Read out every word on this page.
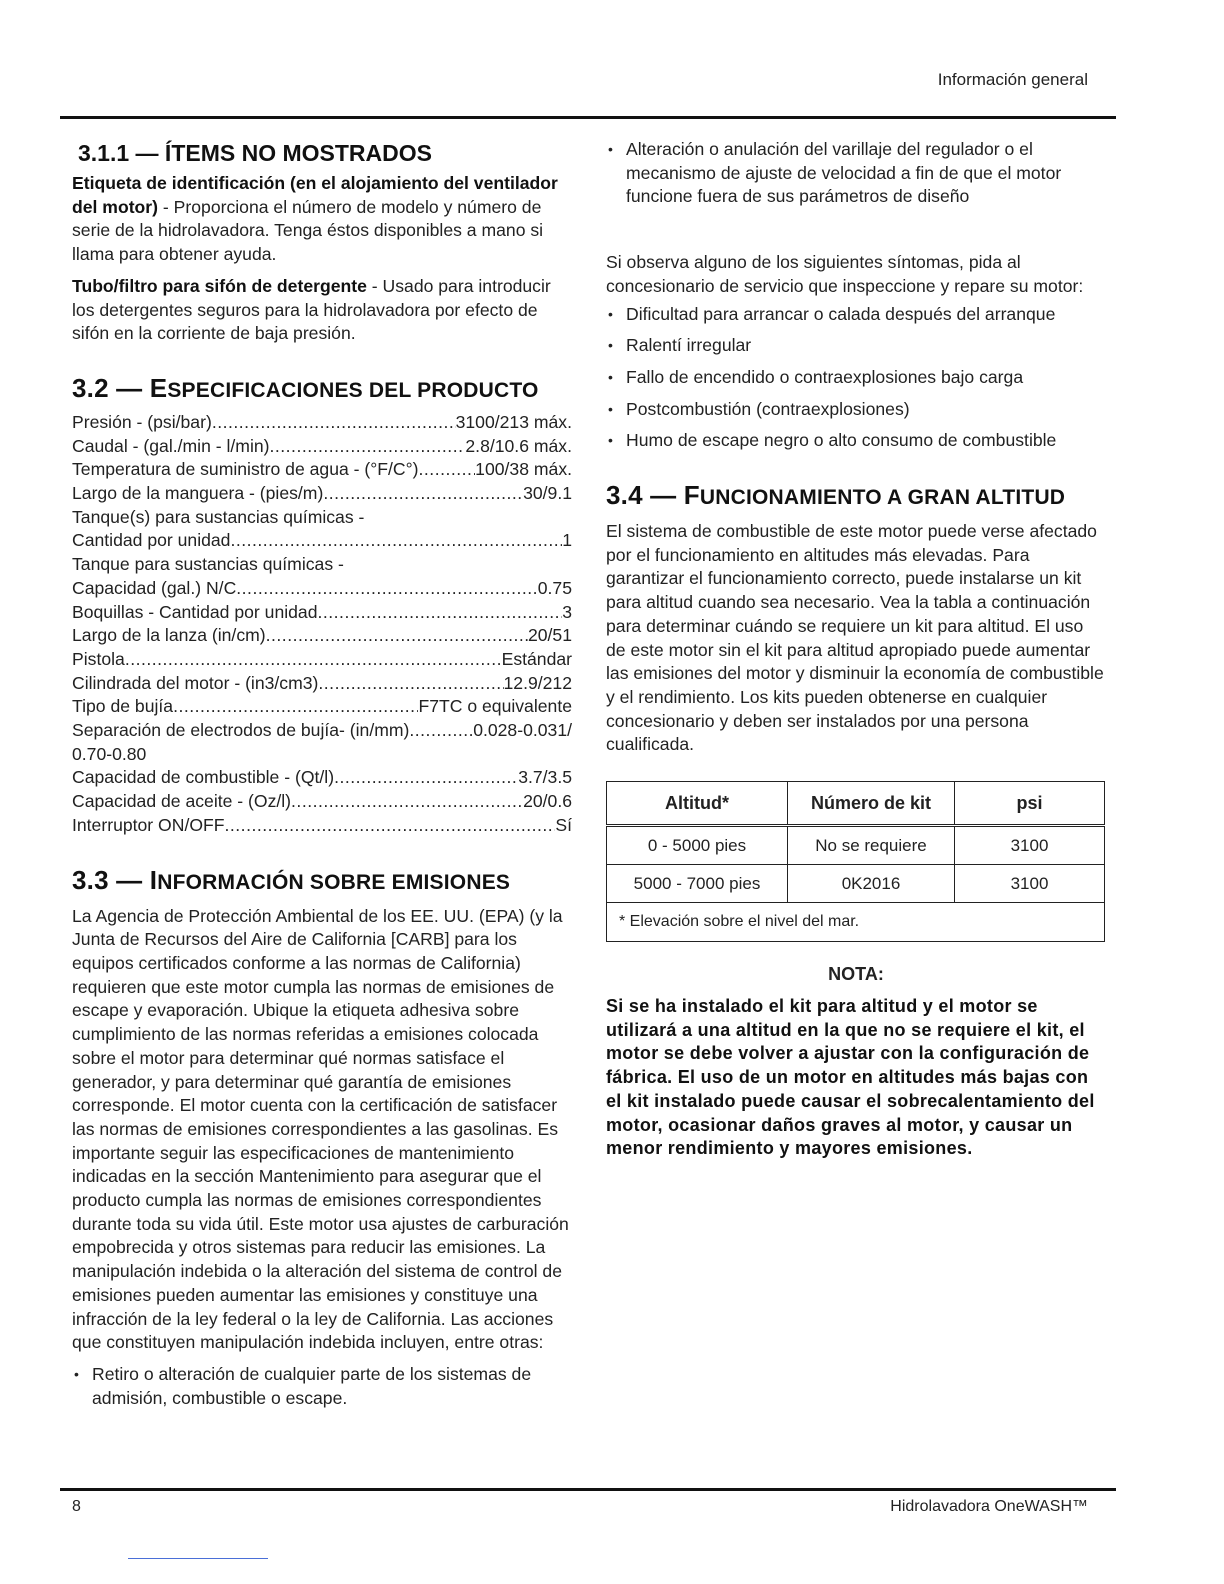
Información general
3.1.1 — ÍTEMS NO MOSTRADOS

Etiqueta de identificación (en el alojamiento del ventilador del motor) - Proporciona el número de modelo y número de serie de la hidrolavadora. Tenga éstos disponibles a mano si llama para obtener ayuda.

Tubo/filtro para sifón de detergente - Usado para introducir los detergentes seguros para la hidrolavadora por efecto de sifón en la corriente de baja presión.

3.2 — ESPECIFICACIONES DEL PRODUCTO
Presión - (psi/bar) .....	3100/213 máx.
Caudal - (gal./min - l/min) .....	2.8/10.6 máx.
Temperatura de suministro de agua - (°F/C°) .....	100/38 máx.
Largo de la manguera - (pies/m) .....	30/9.1
Tanque(s) para sustancias químicas -
Cantidad por unidad .....	1
Tanque para sustancias químicas -
Capacidad (gal.) N/C .....	0.75
Boquillas - Cantidad por unidad .....	3
Largo de la lanza (in/cm) .....	20/51
Pistola .....	Estándar
Cilindrada del motor - (in3/cm3) .....	12.9/212
Tipo de bujía .....	F7TC o equivalente
Separación de electrodos de bujía- (in/mm) .....	0.028-0.031/
0.70-0.80
Capacidad de combustible - (Qt/l) .....	3.7/3.5
Capacidad de aceite - (Oz/l) .....	20/0.6
Interruptor ON/OFF .....	Sí
3.3 — INFORMACIÓN SOBRE EMISIONES

La Agencia de Protección Ambiental de los EE. UU. (EPA) (y la Junta de Recursos del Aire de California [CARB] para los equipos certificados conforme a las normas de California) requieren que este motor cumpla las normas de emisiones de escape y evaporación. Ubique la etiqueta adhesiva sobre cumplimiento de las normas referidas a emisiones colocada sobre el motor para determinar qué normas satisface el generador, y para determinar qué garantía de emisiones corresponde. El motor cuenta con la certificación de satisfacer las normas de emisiones correspondientes a las gasolinas. Es importante seguir las especificaciones de mantenimiento indicadas en la sección Mantenimiento para asegurar que el producto cumpla las normas de emisiones correspondientes durante toda su vida útil. Este motor usa ajustes de carburación empobrecida y otros sistemas para reducir las emisiones. La manipulación indebida o la alteración del sistema de control de emisiones pueden aumentar las emisiones y constituye una infracción de la ley federal o la ley de California. Las acciones que constituyen manipulación indebida incluyen, entre otras:

• Retiro o alteración de cualquier parte de los sistemas de admisión, combustible o escape.
• Alteración o anulación del varillaje del regulador o el mecanismo de ajuste de velocidad a fin de que el motor funcione fuera de sus parámetros de diseño

Si observa alguno de los siguientes síntomas, pida al concesionario de servicio que inspeccione y repare su motor:

• Dificultad para arrancar o calada después del arranque
• Ralentí irregular
• Fallo de encendido o contraexplosiones bajo carga
• Postcombustión (contraexplosiones)
• Humo de escape negro o alto consumo de combustible
3.4 — FUNCIONAMIENTO A GRAN ALTITUD

El sistema de combustible de este motor puede verse afectado por el funcionamiento en altitudes más elevadas. Para garantizar el funcionamiento correcto, puede instalarse un kit para altitud cuando sea necesario. Vea la tabla a continuación para determinar cuándo se requiere un kit para altitud. El uso de este motor sin el kit para altitud apropiado puede aumentar las emisiones del motor y disminuir la economía de combustible y el rendimiento. Los kits pueden obtenerse en cualquier concesionario y deben ser instalados por una persona cualificada.

Altitud*	Número de kit	psi
0 - 5000 pies	No se requiere	3100
5000 - 7000 pies	0K2016	3100
* Elevación sobre el nivel del mar.		
NOTA:

Si se ha instalado el kit para altitud y el motor se utilizará a una altitud en la que no se requiere el kit, el motor se debe volver a ajustar con la configuración de fábrica. El uso de un motor en altitudes más bajas con el kit instalado puede causar el sobrecalentamiento del motor, ocasionar daños graves al motor, y causar un menor rendimiento y mayores emisiones.

8	Hidrolavadora OneWASH™
